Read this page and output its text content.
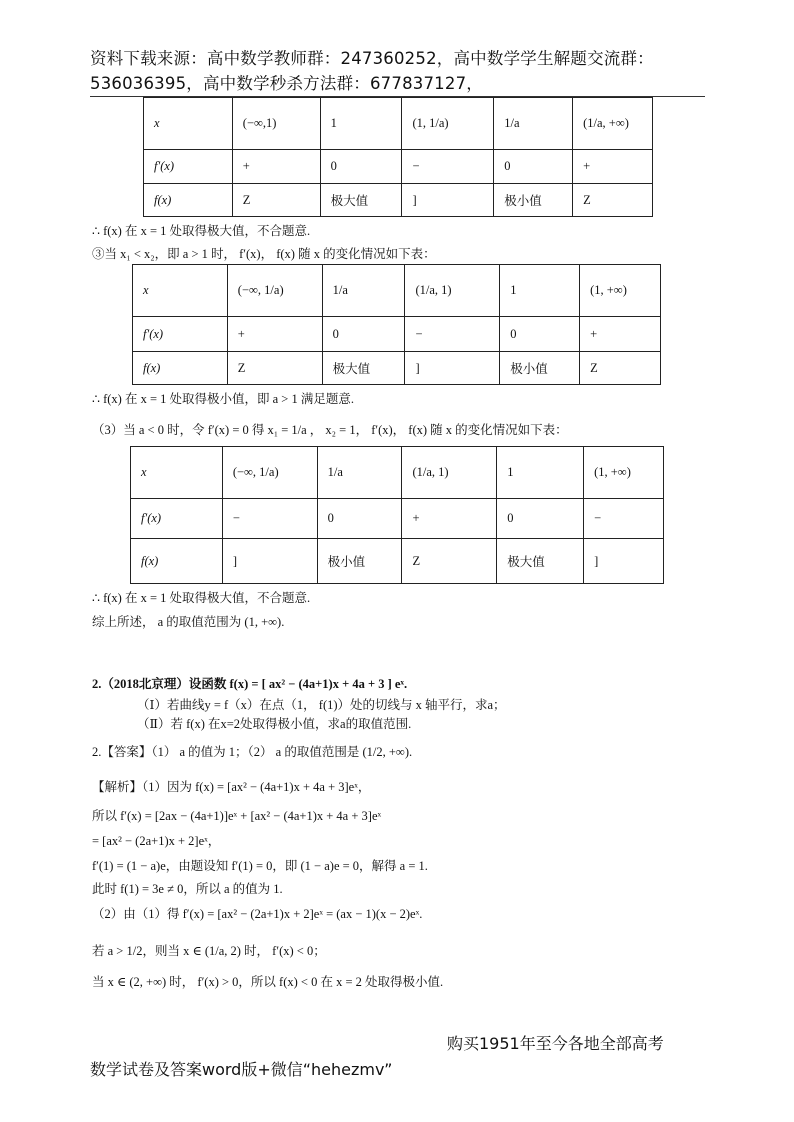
资料下载来源：高中数学教师群：247360252，高中数学学生解题交流群：
536036395，高中数学秒杀方法群：677837127，
x	(−∞,1)	1	(1, 1/a)	1/a	(1/a, +∞)
f′(x)	+	0	−	0	+
f(x)	Z	极大值	]	极小值	Z
∴ f(x) 在 x = 1 处取得极大值，不合题意.
③当 x₁ < x₂，即 a > 1 时， f′(x)， f(x) 随 x 的变化情况如下表：
x	(−∞, 1/a)	1/a	(1/a, 1)	1	(1, +∞)
f′(x)	+	0	−	0	+
f(x)	Z	极大值	]	极小值	Z
∴ f(x) 在 x = 1 处取得极小值，即 a > 1 满足题意.
（3）当 a < 0 时，令 f′(x) = 0 得 x₁ = 1/a ， x₂ = 1， f′(x)， f(x) 随 x 的变化情况如下表：
x	(−∞, 1/a)	1/a	(1/a, 1)	1	(1, +∞)
f′(x)	−	0	+	0	−
f(x)	]	极小值	Z	极大值	]
∴ f(x) 在 x = 1 处取得极大值，不合题意.
综上所述， a 的取值范围为 (1, +∞).
2.（2018北京理）设函数 f(x) = [ ax² − (4a+1)x + 4a + 3 ] eˣ.
（Ⅰ）若曲线y = f（x）在点（1， f(1)）处的切线与 x 轴平行，求a；
（Ⅱ）若 f(x) 在x=2处取得极小值，求a的取值范围.
2.【答案】（1） a 的值为 1；（2） a 的取值范围是 (1/2, +∞).
【解析】（1）因为 f(x) = [ax² − (4a+1)x + 4a + 3]eˣ，
所以 f′(x) = [2ax − (4a+1)]eˣ + [ax² − (4a+1)x + 4a + 3]eˣ
= [ax² − (2a+1)x + 2]eˣ，
f′(1) = (1 − a)e，由题设知 f′(1) = 0，即 (1 − a)e = 0，解得 a = 1.
此时 f(1) = 3e ≠ 0，所以 a 的值为 1.
（2）由（1）得 f′(x) = [ax² − (2a+1)x + 2]eˣ = (ax − 1)(x − 2)eˣ.
若 a > 1/2，则当 x ∈ (1/a, 2) 时， f′(x) < 0；
当 x ∈ (2, +∞) 时， f′(x) > 0，所以 f(x) < 0 在 x = 2 处取得极小值.
购买1951年至今各地全部高考
数学试卷及答案word版+微信“hehezmv”
